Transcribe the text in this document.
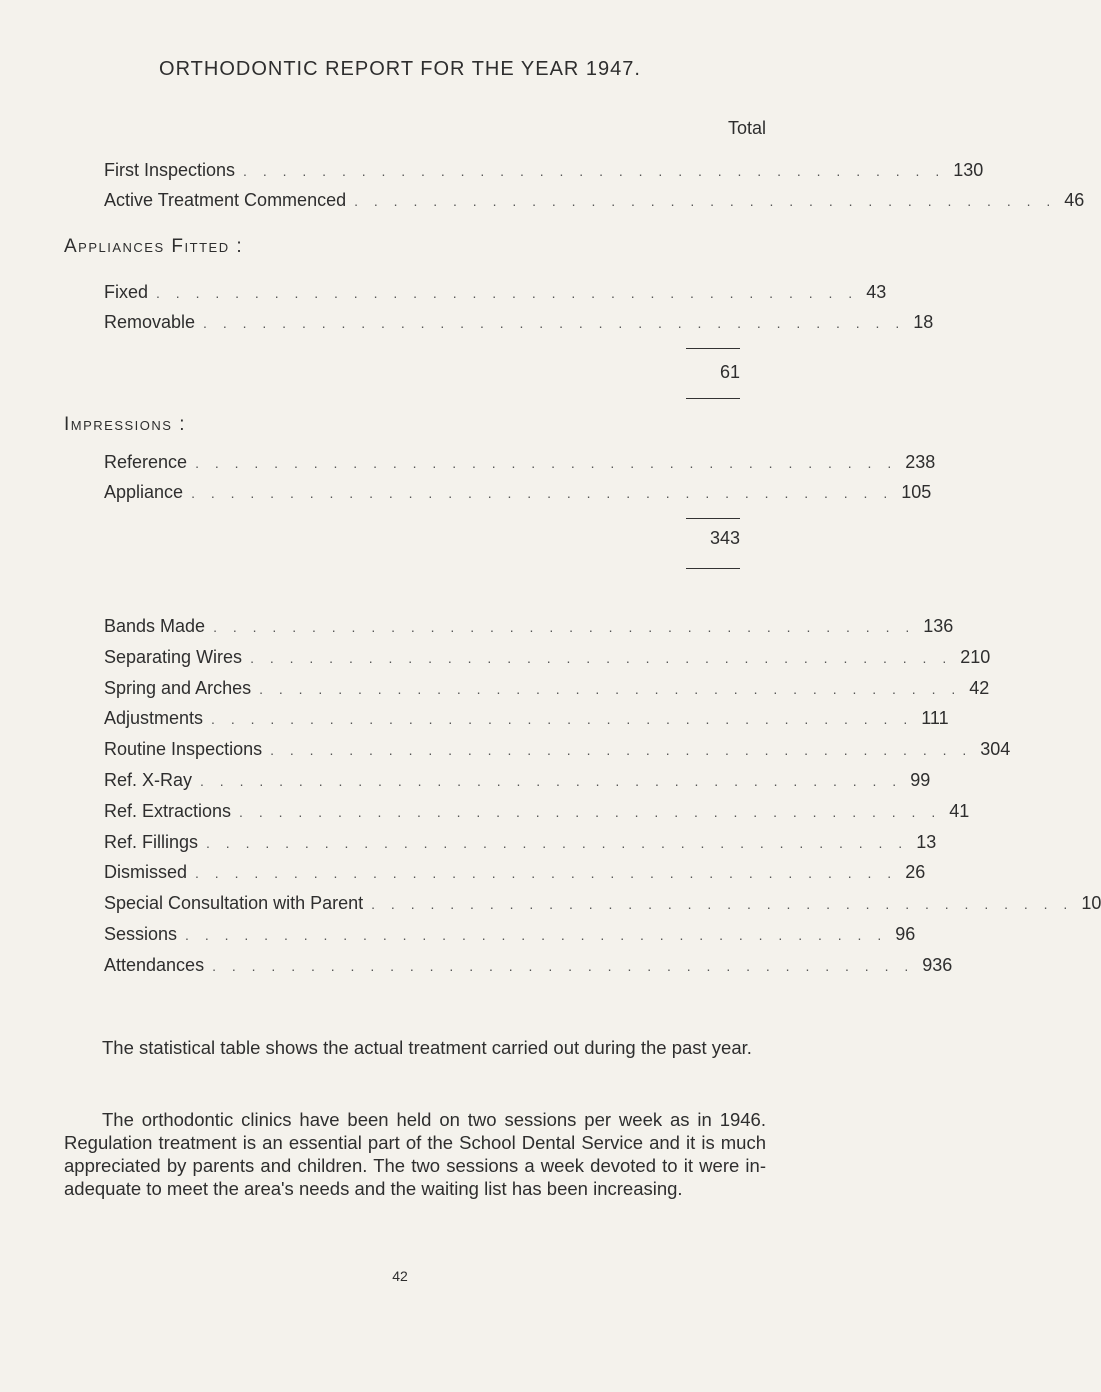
ORTHODONTIC REPORT FOR THE YEAR 1947.
Total
First Inspections . . . . . . . . . . . . . . . . . . . . . . . . . . . . . . . . . . . . 130
Active Treatment Commenced . . . . . . . . . . . . . . . . . . . . . . . . . . . . . . . . . . . . 46
Appliances Fitted :
Fixed . . . . . . . . . . . . . . . . . . . . . . . . . . . . . . . . . . . . 43
Removable . . . . . . . . . . . . . . . . . . . . . . . . . . . . . . . . . . . . 18
61
Impressions :
Reference . . . . . . . . . . . . . . . . . . . . . . . . . . . . . . . . . . . . 238
Appliance . . . . . . . . . . . . . . . . . . . . . . . . . . . . . . . . . . . . 105
343
Bands Made . . . . . . . . . . . . . . . . . . . . . . . . . . . . . . . . . . . . 136
Separating Wires . . . . . . . . . . . . . . . . . . . . . . . . . . . . . . . . . . . . 210
Spring and Arches . . . . . . . . . . . . . . . . . . . . . . . . . . . . . . . . . . . . 42
Adjustments . . . . . . . . . . . . . . . . . . . . . . . . . . . . . . . . . . . . 111
Routine Inspections . . . . . . . . . . . . . . . . . . . . . . . . . . . . . . . . . . . . 304
Ref. X-Ray . . . . . . . . . . . . . . . . . . . . . . . . . . . . . . . . . . . . 99
Ref. Extractions . . . . . . . . . . . . . . . . . . . . . . . . . . . . . . . . . . . . 41
Ref. Fillings . . . . . . . . . . . . . . . . . . . . . . . . . . . . . . . . . . . . 13
Dismissed . . . . . . . . . . . . . . . . . . . . . . . . . . . . . . . . . . . . 26
Special Consultation with Parent . . . . . . . . . . . . . . . . . . . . . . . . . . . . . . . . . . . . 10
Sessions . . . . . . . . . . . . . . . . . . . . . . . . . . . . . . . . . . . . 96
Attendances . . . . . . . . . . . . . . . . . . . . . . . . . . . . . . . . . . . . 936
The statistical table shows the actual treatment carried out during the past year.
The orthodontic clinics have been held on two sessions per week as in 1946. Regulation treatment is an essential part of the School Dental Service and it is much appreciated by parents and children. The two sessions a week devoted to it were in-adequate to meet the area's needs and the waiting list has been increasing.
42
